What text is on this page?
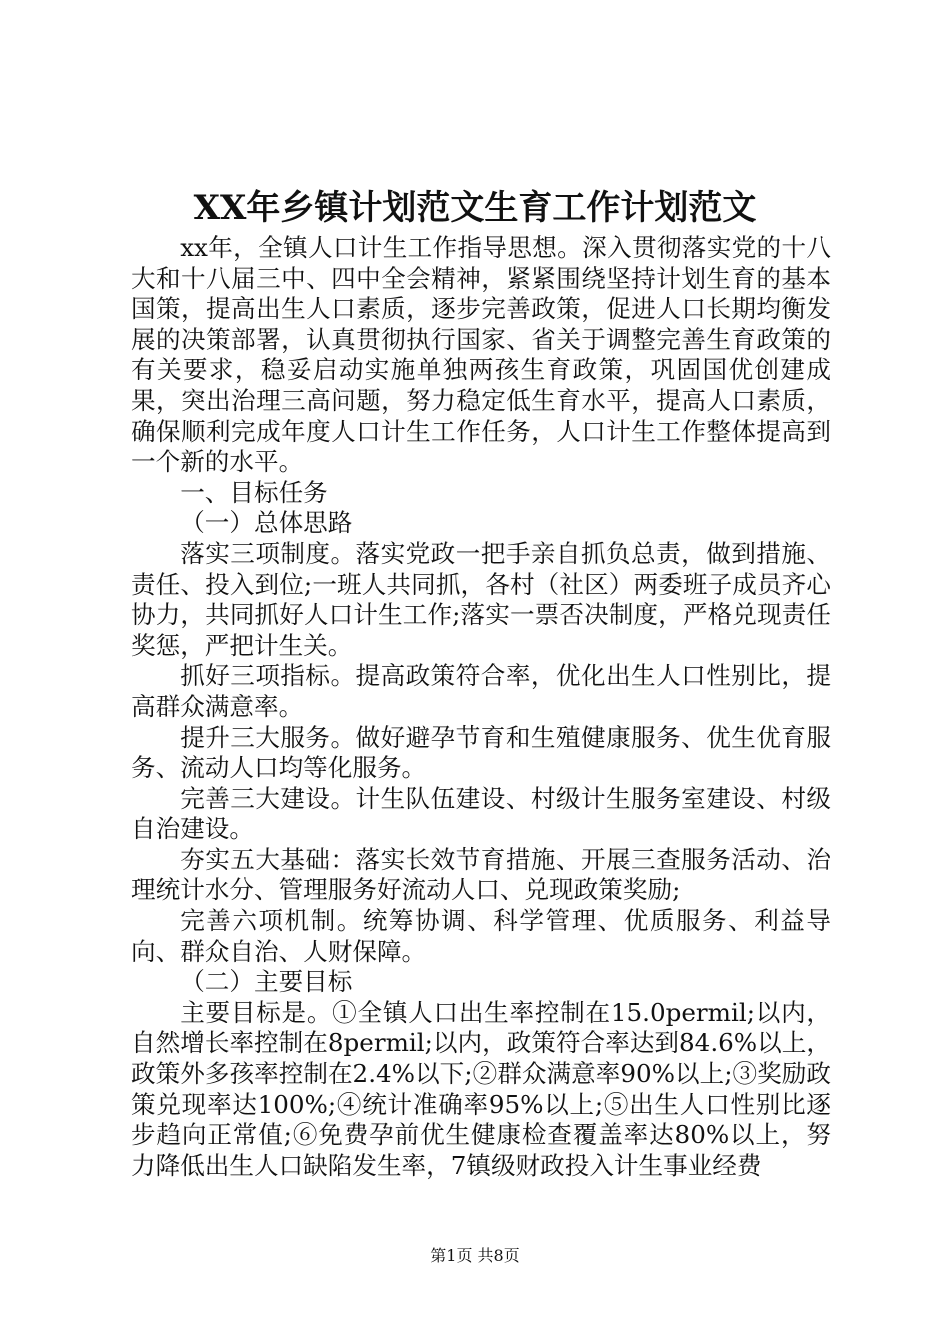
XX年乡镇计划范文生育工作计划范文

xx年，全镇人口计生工作指导思想。深入贯彻落实党的十八大和十八届三中、四中全会精神，紧紧围绕坚持计划生育的基本国策，提高出生人口素质，逐步完善政策，促进人口长期均衡发展的决策部署，认真贯彻执行国家、省关于调整完善生育政策的有关要求，稳妥启动实施单独两孩生育政策，巩固国优创建成果，突出治理三高问题，努力稳定低生育水平，提高人口素质，确保顺利完成年度人口计生工作任务，人口计生工作整体提高到一个新的水平。

一、目标任务

（一）总体思路

落实三项制度。落实党政一把手亲自抓负总责，做到措施、责任、投入到位;一班人共同抓，各村（社区）两委班子成员齐心协力，共同抓好人口计生工作;落实一票否决制度，严格兑现责任奖惩，严把计生关。

抓好三项指标。提高政策符合率，优化出生人口性别比，提高群众满意率。

提升三大服务。做好避孕节育和生殖健康服务、优生优育服务、流动人口均等化服务。

完善三大建设。计生队伍建设、村级计生服务室建设、村级自治建设。

夯实五大基础：落实长效节育措施、开展三查服务活动、治理统计水分、管理服务好流动人口、兑现政策奖励;

完善六项机制。统筹协调、科学管理、优质服务、利益导向、群众自治、人财保障。

（二）主要目标

主要目标是。①全镇人口出生率控制在15.0permil;以内，自然增长率控制在8permil;以内，政策符合率达到84.6%以上，政策外多孩率控制在2.4%以下;②群众满意率90%以上;③奖励政策兑现率达100%;④统计准确率95%以上;⑤出生人口性别比逐步趋向正常值;⑥免费孕前优生健康检查覆盖率达80%以上，努力降低出生人口缺陷发生率，7镇级财政投入计生事业经费

第1页 共8页
